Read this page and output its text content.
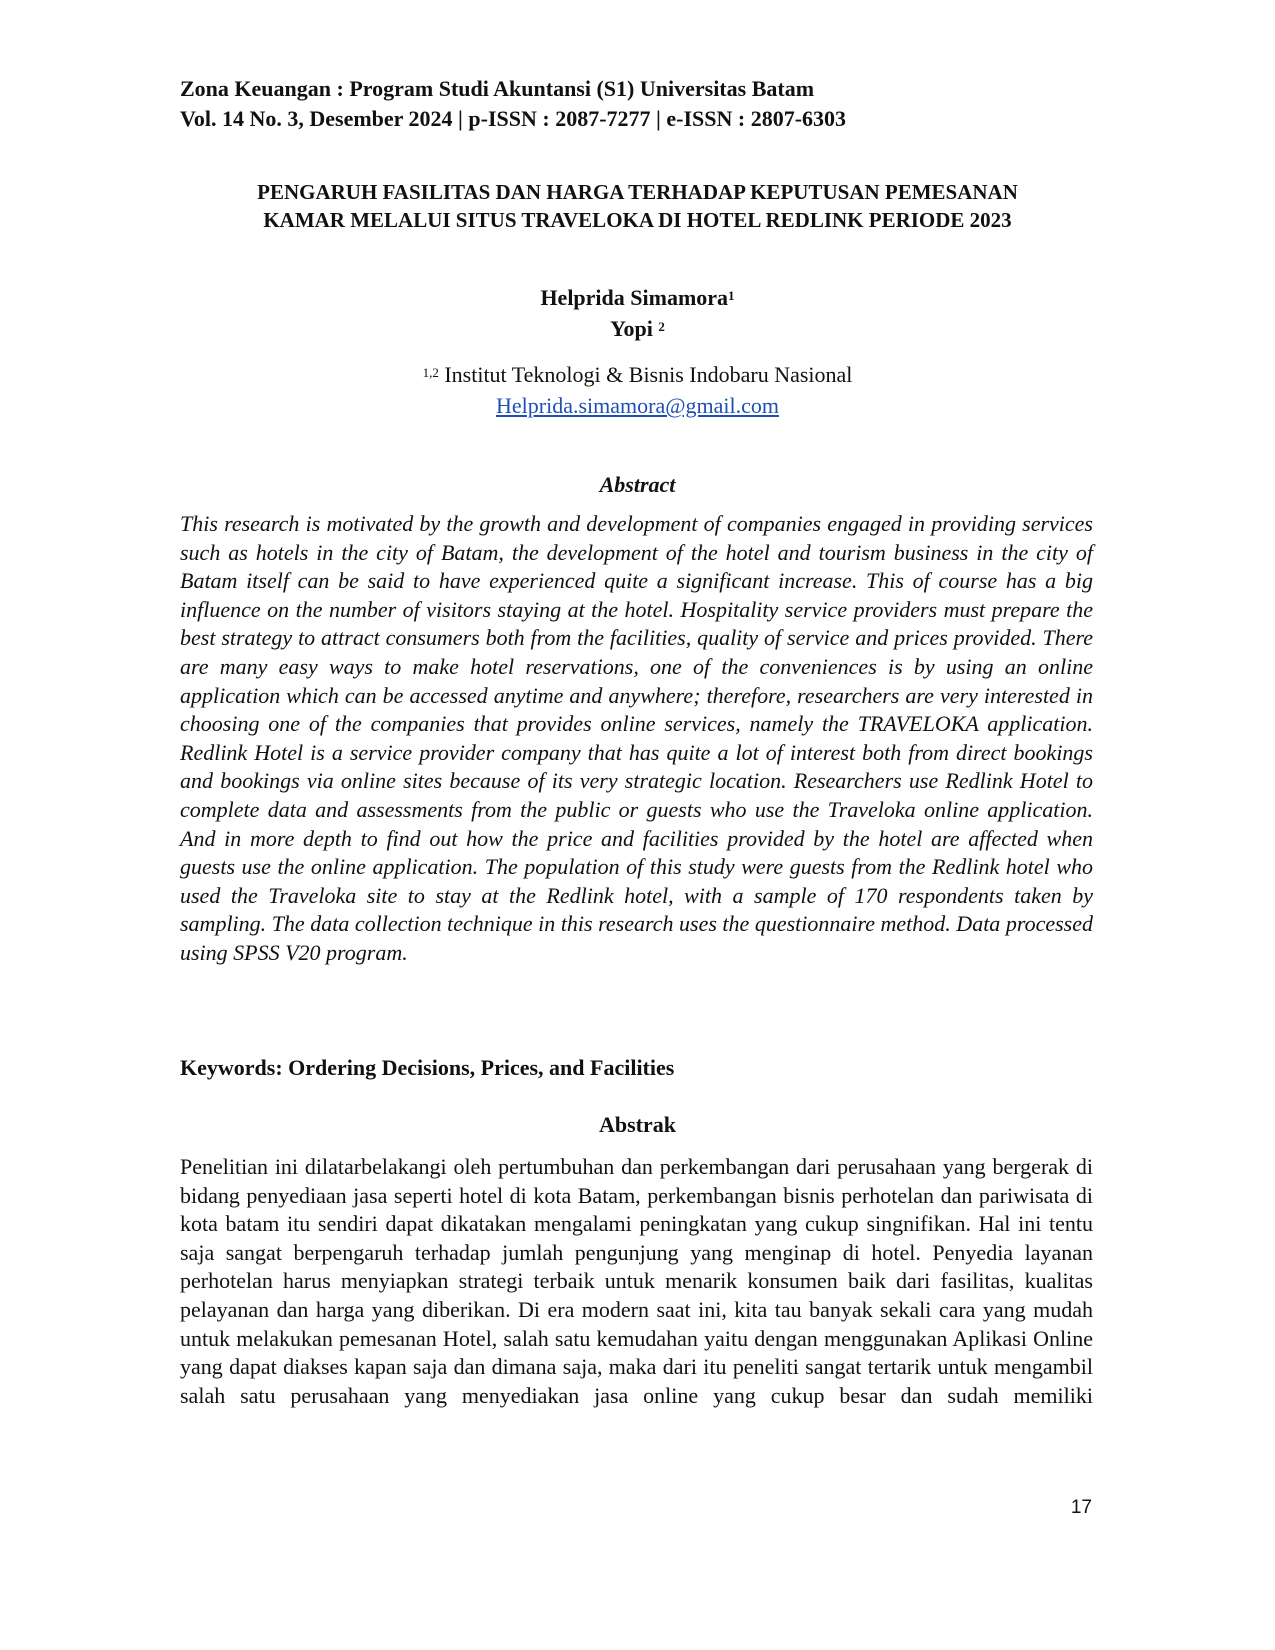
Zona Keuangan : Program Studi Akuntansi (S1) Universitas Batam
Vol. 14 No. 3, Desember 2024 | p-ISSN : 2087-7277 | e-ISSN : 2807-6303
PENGARUH FASILITAS DAN HARGA TERHADAP KEPUTUSAN PEMESANAN
KAMAR MELALUI SITUS TRAVELOKA DI HOTEL REDLINK PERIODE 2023
Helprida Simamora$^1$
Yopi $^2$
$^{1,2}$ Institut Teknologi & Bisnis Indobaru Nasional
Helprida.simamora@gmail.com
Abstract

This research is motivated by the growth and development of companies engaged in providing services such as hotels in the city of Batam, the development of the hotel and tourism business in the city of Batam itself can be said to have experienced quite a significant increase. This of course has a big influence on the number of visitors staying at the hotel. Hospitality service providers must prepare the best strategy to attract consumers both from the facilities, quality of service and prices provided. There are many easy ways to make hotel reservations, one of the conveniences is by using an online application which can be accessed anytime and anywhere; therefore, researchers are very interested in choosing one of the companies that provides online services, namely the TRAVELOKA application. Redlink Hotel is a service provider company that has quite a lot of interest both from direct bookings and bookings via online sites because of its very strategic location. Researchers use Redlink Hotel to complete data and assessments from the public or guests who use the Traveloka online application. And in more depth to find out how the price and facilities provided by the hotel are affected when guests use the online application. The population of this study were guests from the Redlink hotel who used the Traveloka site to stay at the Redlink hotel, with a sample of 170 respondents taken by sampling. The data collection technique in this research uses the questionnaire method. Data processed using SPSS V20 program.

Keywords: Ordering Decisions, Prices, and Facilities
Abstrak

Penelitian ini dilatarbelakangi oleh pertumbuhan dan perkembangan dari perusahaan yang bergerak di bidang penyediaan jasa seperti hotel di kota Batam, perkembangan bisnis perhotelan dan pariwisata di kota batam itu sendiri dapat dikatakan mengalami peningkatan yang cukup singnifikan. Hal ini tentu saja sangat berpengaruh terhadap jumlah pengunjung yang menginap di hotel. Penyedia layanan perhotelan harus menyiapkan strategi terbaik untuk menarik konsumen baik dari fasilitas, kualitas pelayanan dan harga yang diberikan. Di era modern saat ini, kita tau banyak sekali cara yang mudah untuk melakukan pemesanan Hotel, salah satu kemudahan yaitu dengan menggunakan Aplikasi Online yang dapat diakses kapan saja dan dimana saja, maka dari itu peneliti sangat tertarik untuk mengambil salah satu perusahaan yang menyediakan jasa online yang cukup besar dan sudah memiliki

17
